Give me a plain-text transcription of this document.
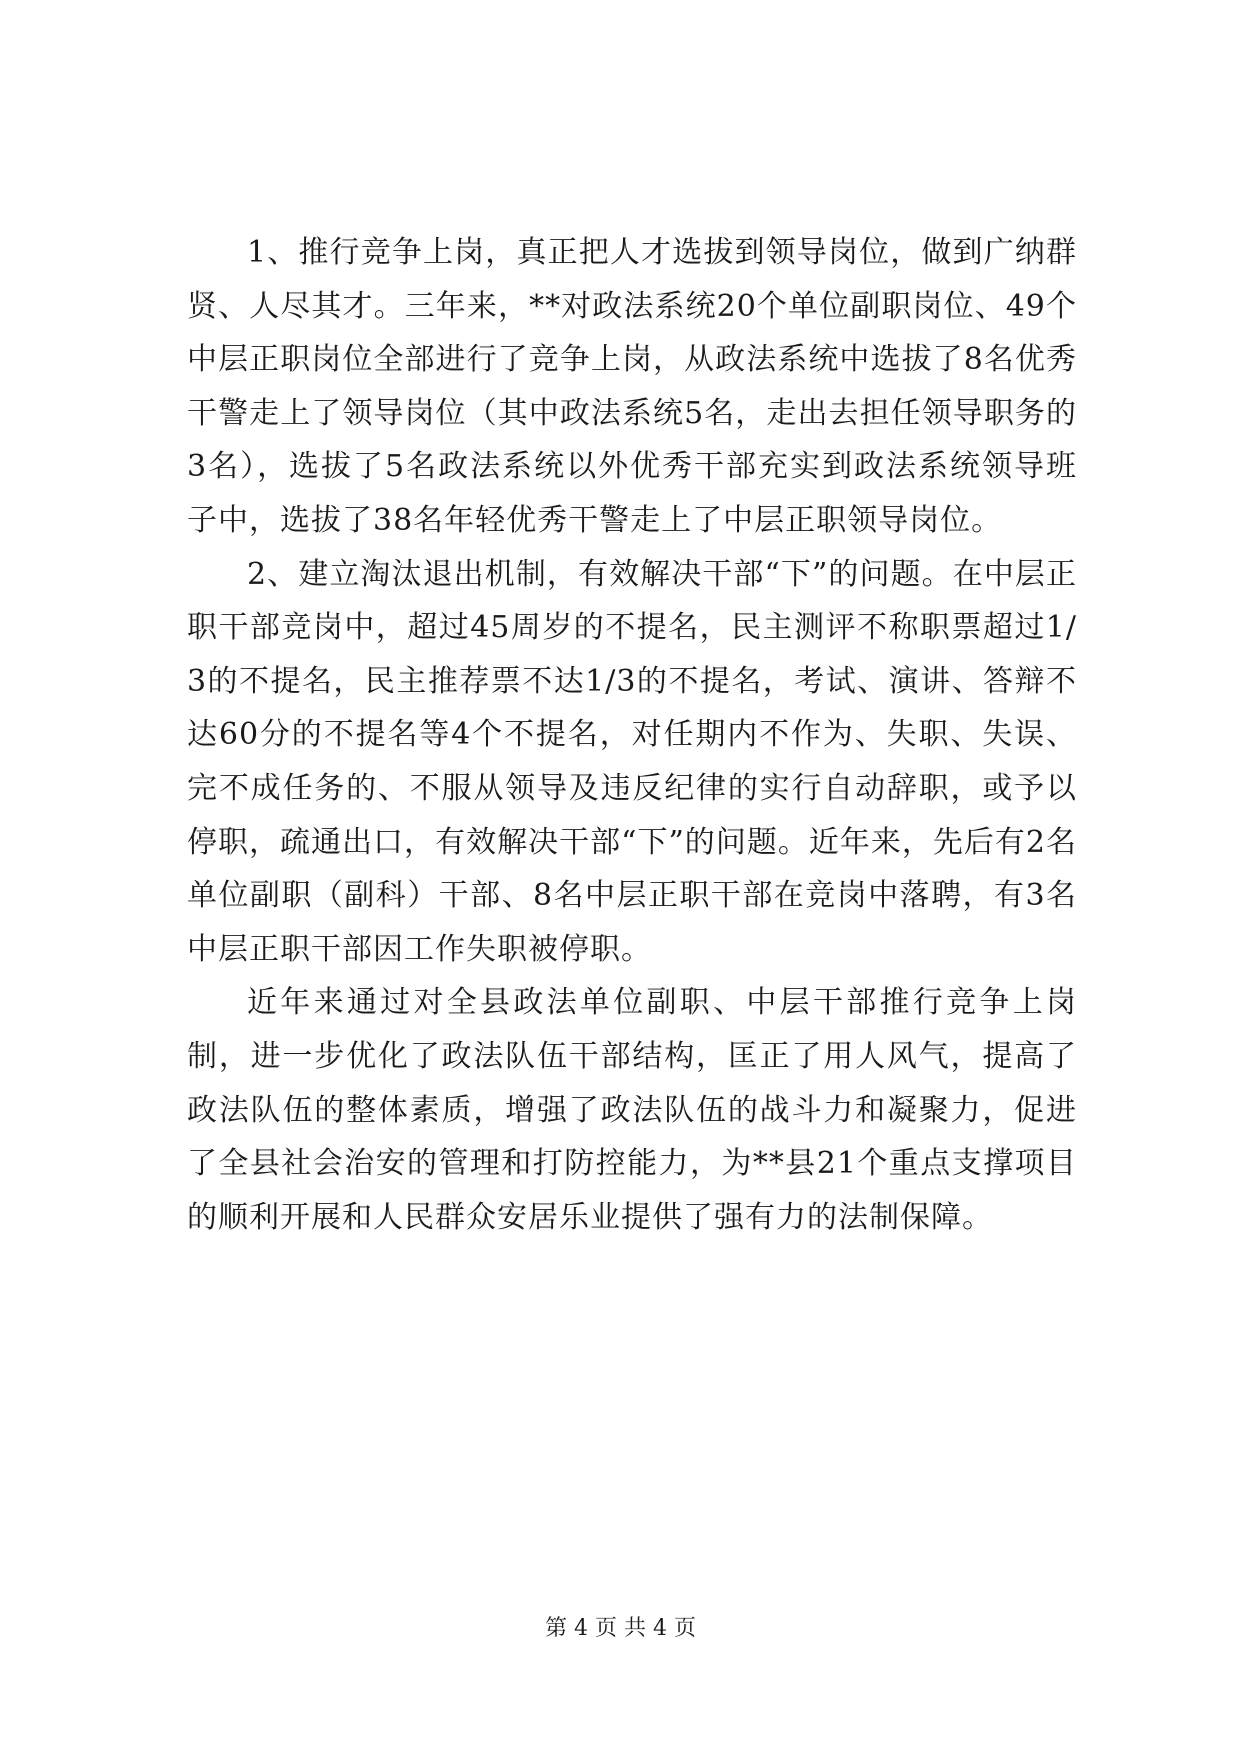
1、推行竞争上岗，真正把人才选拔到领导岗位，做到广纳群贤、人尽其才。三年来，**对政法系统20个单位副职岗位、49个中层正职岗位全部进行了竞争上岗，从政法系统中选拔了8名优秀干警走上了领导岗位（其中政法系统5名，走出去担任领导职务的3名），选拔了5名政法系统以外优秀干部充实到政法系统领导班子中，选拔了38名年轻优秀干警走上了中层正职领导岗位。

2、建立淘汰退出机制，有效解决干部“下”的问题。在中层正职干部竞岗中，超过45周岁的不提名，民主测评不称职票超过1/3的不提名，民主推荐票不达1/3的不提名，考试、演讲、答辩不达60分的不提名等4个不提名，对任期内不作为、失职、失误、完不成任务的、不服从领导及违反纪律的实行自动辞职，或予以停职，疏通出口，有效解决干部“下”的问题。近年来，先后有2名单位副职（副科）干部、8名中层正职干部在竞岗中落聘，有3名中层正职干部因工作失职被停职。

近年来通过对全县政法单位副职、中层干部推行竞争上岗制，进一步优化了政法队伍干部结构，匡正了用人风气，提高了政法队伍的整体素质，增强了政法队伍的战斗力和凝聚力，促进了全县社会治安的管理和打防控能力，为**县21个重点支撑项目的顺利开展和人民群众安居乐业提供了强有力的法制保障。

第 4 页 共 4 页
